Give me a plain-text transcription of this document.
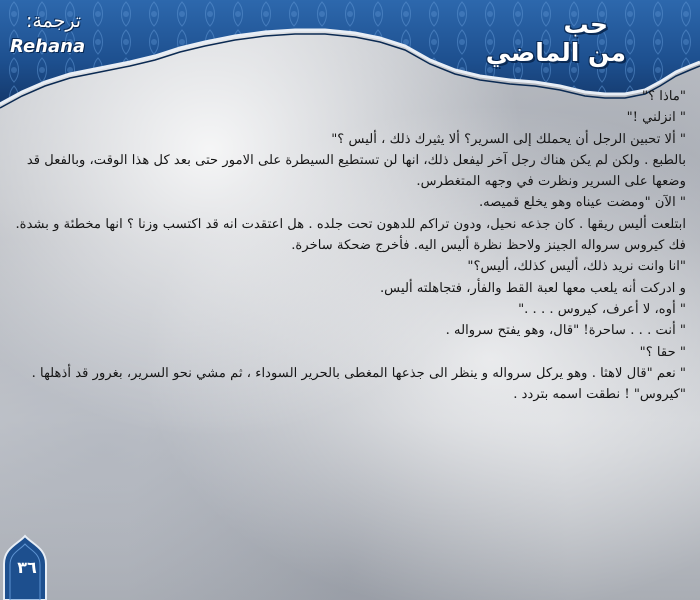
حب
من الماضي
ترجمة:
Rehana

"ماذا ؟"

" انزلني !"

" ألا تحبين الرجل أن يحملك إلى السرير؟ ألا يثيرك ذلك ، أليس ؟"

بالطبع . ولكن لم يكن هناك رجل آخر ليفعل ذلك، انها لن تستطيع السيطرة على الامور حتى بعد كل هذا الوقت، وبالفعل قد وضعها على السرير ونظرت في وجهه المتغطرس.

" الآن "ومضت عيناه وهو يخلع قميصه.

ابتلعت أليس ريقها . كان جذعه نحيل، ودون تراكم للدهون تحت جلده . هل اعتقدت انه قد اكتسب وزنا ؟ انها مخطئة و بشدة.

فك كيروس سرواله الجينز ولاحظ نظرة أليس اليه. فأخرج ضحكة ساخرة.

"انا وانت نريد ذلك، أليس كذلك، أليس؟"

و ادركت أنه يلعب معها لعبة القط والفأر، فتجاهلته أليس.

" أوه، لا أعرف، كيروس . . . ."

" أنت . . . ساحرة! "قال، وهو يفتح سرواله .

" حقا ؟"

" نعم "قال لاهثا . وهو يركل سرواله و ينظر الى جذعها المغطى بالحرير السوداء ، ثم مشي نحو السرير، بغرور قد أذهلها .

"كيروس" ! نطقت اسمه بتردد .

٣٦
